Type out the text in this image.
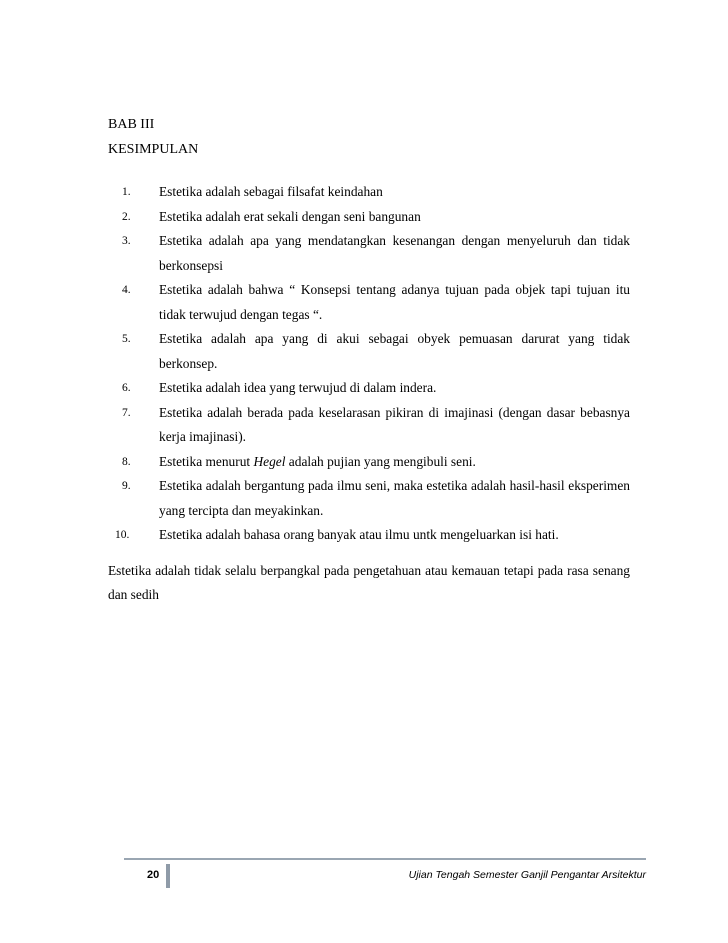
BAB III

KESIMPULAN

1.	Estetika adalah sebagai filsafat keindahan
2.	Estetika adalah erat sekali dengan seni bangunan
3.	Estetika adalah apa yang mendatangkan kesenangan dengan menyeluruh dan tidak berkonsepsi
4.	Estetika adalah bahwa “ Konsepsi tentang adanya tujuan pada objek tapi tujuan itu tidak terwujud dengan tegas “.
5.	Estetika adalah apa yang di akui sebagai obyek pemuasan darurat yang tidak berkonsep.
6.	Estetika adalah idea yang terwujud di dalam indera.
7.	Estetika adalah berada pada keselarasan pikiran di imajinasi (dengan dasar bebasnya kerja imajinasi).
8.	Estetika menurut Hegel adalah pujian yang mengibuli seni.
9.	Estetika adalah bergantung pada ilmu seni, maka estetika adalah hasil-hasil eksperimen yang tercipta dan meyakinkan.
10.	Estetika adalah bahasa orang banyak atau ilmu untk mengeluarkan isi hati.

Estetika adalah tidak selalu berpangkal pada pengetahuan atau kemauan tetapi pada rasa senang dan sedih

20	Ujian Tengah Semester Ganjil Pengantar Arsitektur
